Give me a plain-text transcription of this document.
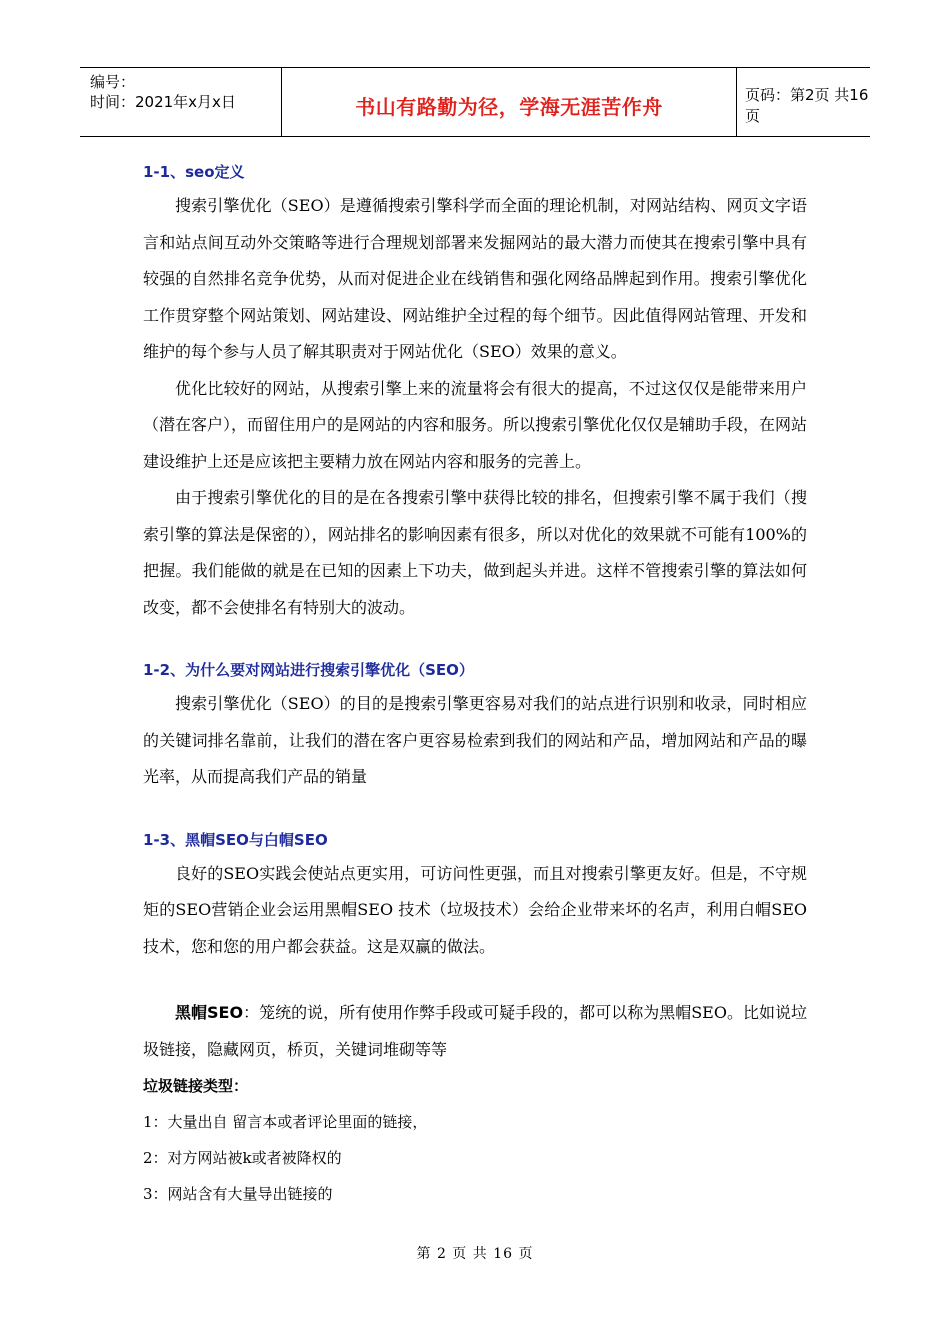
编号：
时间：2021年x月x日	书山有路勤为径，学海无涯苦作舟	页码：第2页 共16页

1-1、seo定义

搜索引擎优化（SEO）是遵循搜索引擎科学而全面的理论机制，对网站结构、网页文字语言和站点间互动外交策略等进行合理规划部署来发掘网站的最大潜力而使其在搜索引擎中具有较强的自然排名竞争优势，从而对促进企业在线销售和强化网络品牌起到作用。搜索引擎优化工作贯穿整个网站策划、网站建设、网站维护全过程的每个细节。因此值得网站管理、开发和维护的每个参与人员了解其职责对于网站优化（SEO）效果的意义。

优化比较好的网站，从搜索引擎上来的流量将会有很大的提高，不过这仅仅是能带来用户（潜在客户），而留住用户的是网站的内容和服务。所以搜索引擎优化仅仅是辅助手段，在网站建设维护上还是应该把主要精力放在网站内容和服务的完善上。

由于搜索引擎优化的目的是在各搜索引擎中获得比较的排名，但搜索引擎不属于我们（搜索引擎的算法是保密的），网站排名的影响因素有很多，所以对优化的效果就不可能有100%的把握。我们能做的就是在已知的因素上下功夫，做到起头并进。这样不管搜索引擎的算法如何改变，都不会使排名有特别大的波动。

1-2、为什么要对网站进行搜索引擎优化（SEO）

搜索引擎优化（SEO）的目的是搜索引擎更容易对我们的站点进行识别和收录，同时相应的关键词排名靠前，让我们的潜在客户更容易检索到我们的网站和产品，增加网站和产品的曝光率，从而提高我们产品的销量

1-3、黑帽SEO与白帽SEO

良好的SEO实践会使站点更实用，可访问性更强，而且对搜索引擎更友好。但是，不守规矩的SEO营销企业会运用黑帽SEO 技术（垃圾技术）会给企业带来坏的名声，利用白帽SEO 技术，您和您的用户都会获益。这是双赢的做法。

黑帽SEO：笼统的说，所有使用作弊手段或可疑手段的，都可以称为黑帽SEO。比如说垃圾链接，隐藏网页，桥页，关键词堆砌等等

垃圾链接类型：

1：大量出自 留言本或者评论里面的链接，

2：对方网站被k或者被降权的

3：网站含有大量导出链接的

第 2 页 共 16 页
